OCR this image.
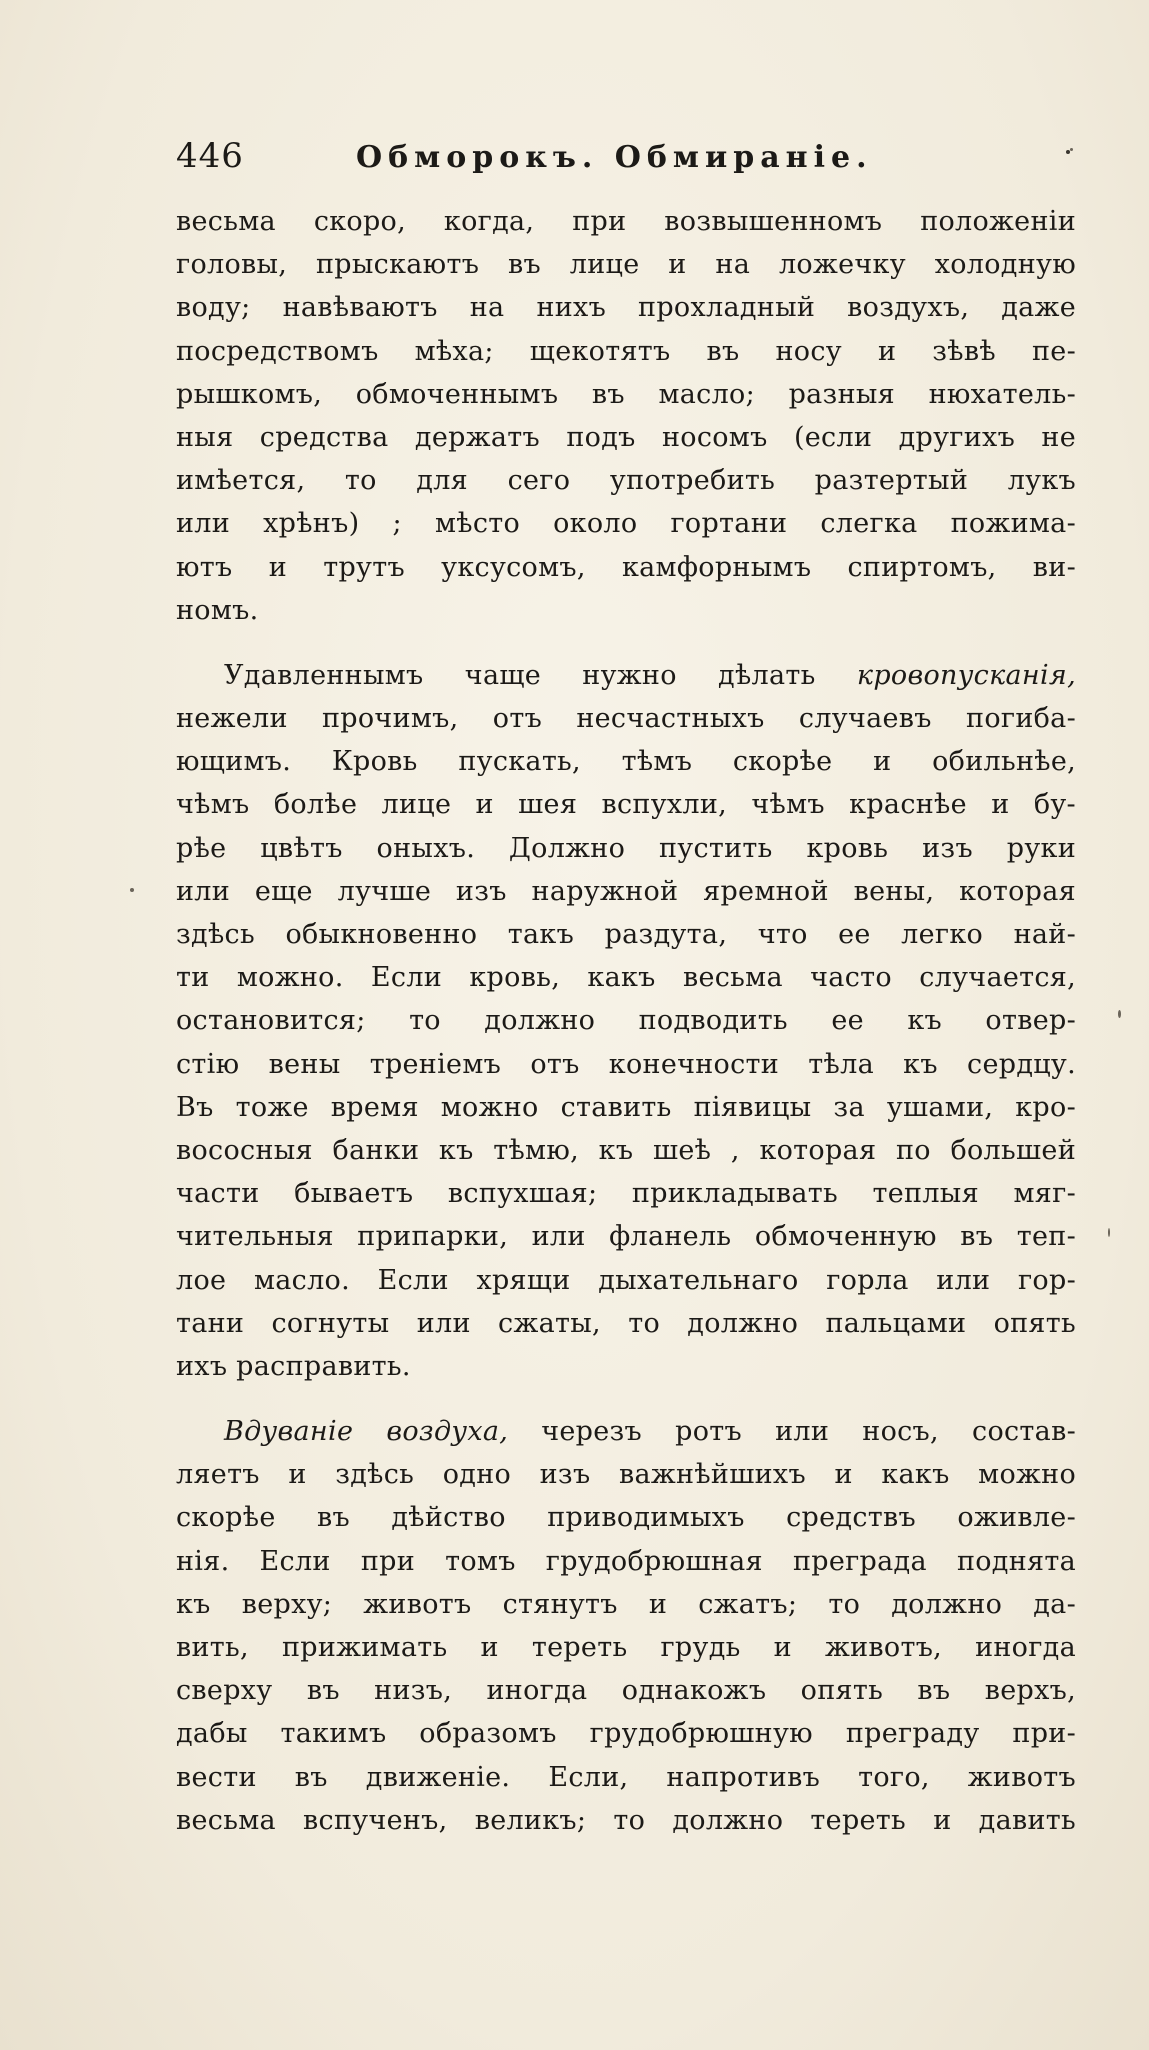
446	Обморокъ. Обмиранiе.
весьма скоро, когда, при возвышенномъ положенiи
головы, прыскаютъ въ лице и на ложечку холодную
воду; навѣваютъ на нихъ прохладный воздухъ, даже
посредствомъ мѣха; щекотятъ въ носу и зѣвѣ пе-
рышкомъ, обмоченнымъ въ масло; разныя нюхатель-
ныя средства держатъ подъ носомъ (если другихъ не
имѣется, то для сего употребить разтертый лукъ
или хрѣнъ) ; мѣсто около гортани слегка пожима-
ютъ и трутъ уксусомъ, камфорнымъ спиртомъ, ви-
номъ.
Удавленнымъ чаще нужно дѣлать кровопусканiя,
нежели прочимъ, отъ несчастныхъ случаевъ погиба-
ющимъ. Кровь пускать, тѣмъ скорѣе и обильнѣе,
чѣмъ болѣе лице и шея вспухли, чѣмъ краснѣе и бу-
рѣе цвѣтъ оныхъ. Должно пустить кровь изъ руки
или еще лучше изъ наружной яремной вены, которая
здѣсь обыкновенно такъ раздута, что ее легко най-
ти можно. Если кровь, какъ весьма часто случается,
остановится; то должно подводить ее къ отвер-
стiю вены тренiемъ отъ конечности тѣла къ сердцу.
Въ тоже время можно ставить пiявицы за ушами, кро-
вососныя банки къ тѣмю, къ шеѣ , которая по большей
части бываетъ вспухшая; прикладывать теплыя мяг-
чительныя припарки, или фланель обмоченную въ теп-
лое масло. Если хрящи дыхательнаго горла или гор-
тани согнуты или сжаты, то должно пальцами опять
ихъ расправить.
Вдуванiе воздуха, черезъ ротъ или носъ, состав-
ляетъ и здѣсь одно изъ важнѣйшихъ и какъ можно
скорѣе въ дѣйство приводимыхъ средствъ оживле-
нiя. Если при томъ грудобрюшная преграда поднята
къ верху; животъ стянутъ и сжатъ; то должно да-
вить, прижимать и тереть грудь и животъ, иногда
сверху въ низъ, иногда однакожъ опять въ верхъ,
дабы такимъ образомъ грудобрюшную преграду при-
вести въ движенiе. Если, напротивъ того, животъ
весьма вспученъ, великъ; то должно тереть и давить
